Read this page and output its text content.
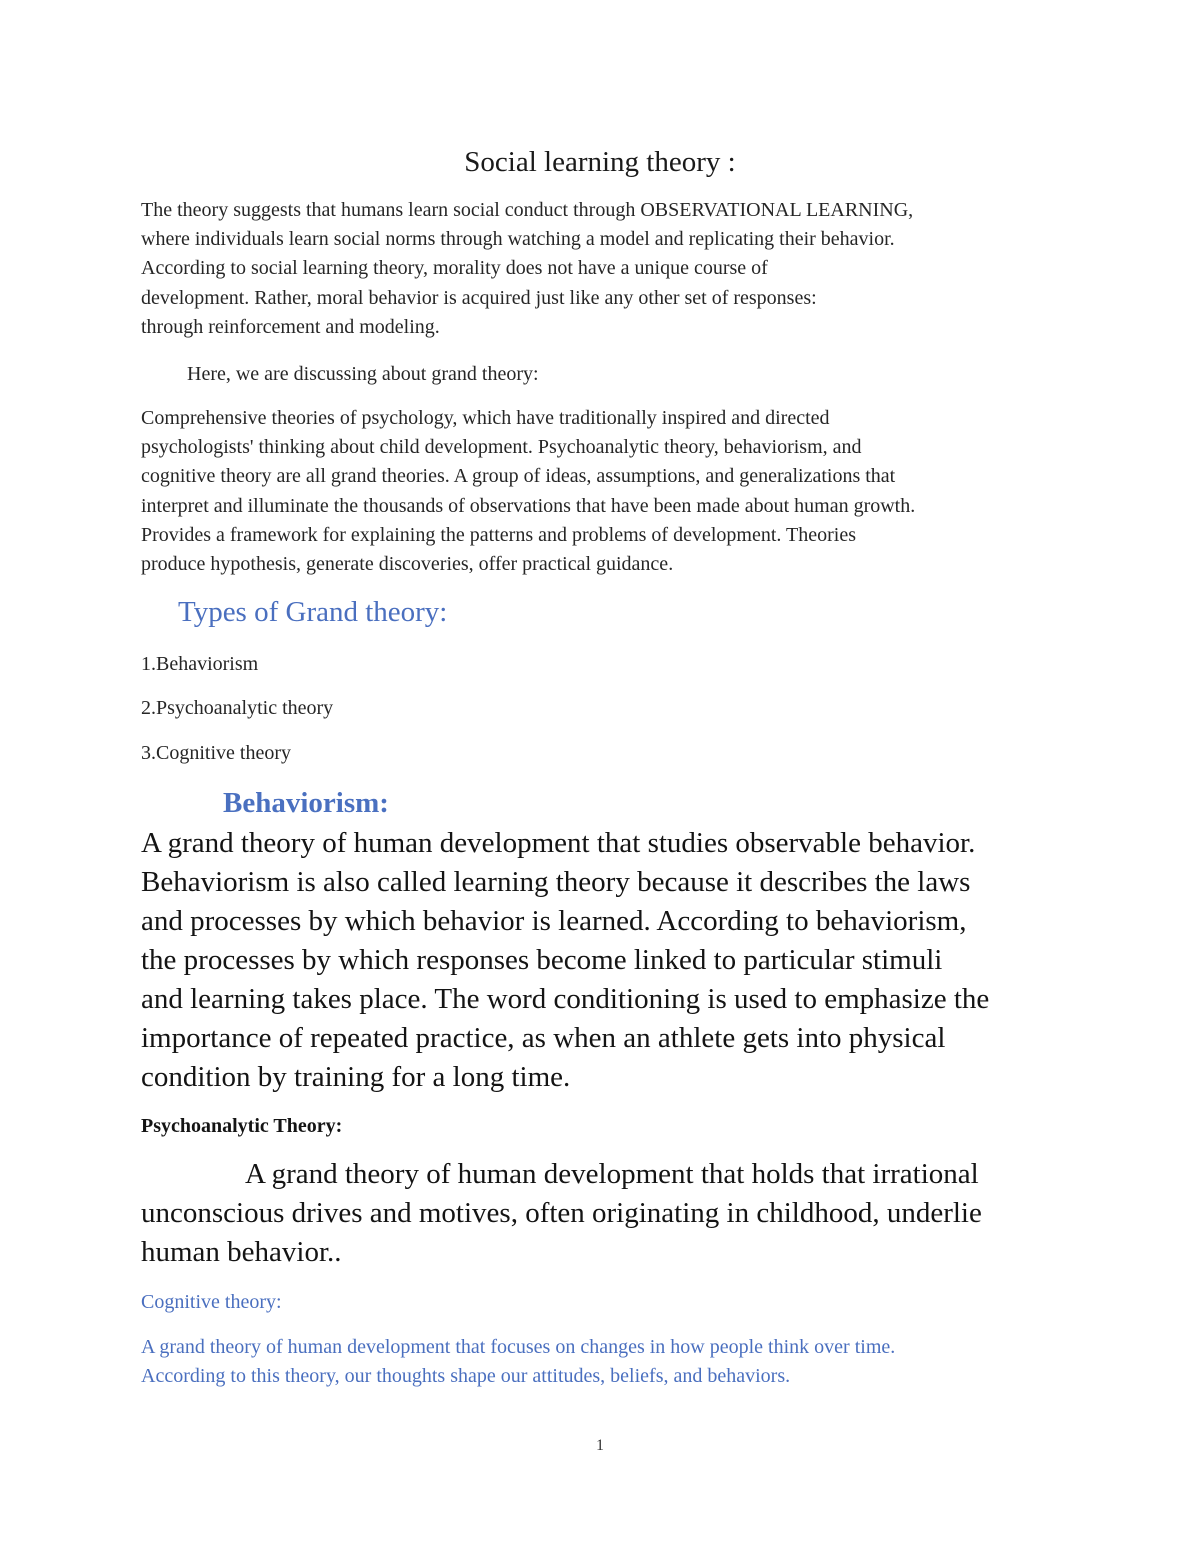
Social learning theory :
The theory suggests that humans learn social conduct through OBSERVATIONAL LEARNING,
where individuals learn social norms through watching a model and replicating their behavior.
According to social learning theory, morality does not have a unique course of
development. Rather, moral behavior is acquired just like any other set of responses:
through reinforcement and modeling.
Here, we are discussing about grand theory:
Comprehensive theories of psychology, which have traditionally inspired and directed
psychologists' thinking about child development. Psychoanalytic theory, behaviorism, and
cognitive theory are all grand theories. A group of ideas, assumptions, and generalizations that
interpret and illuminate the thousands of observations that have been made about human growth.
Provides a framework for explaining the patterns and problems of development. Theories
produce hypothesis, generate discoveries, offer practical guidance.
Types of Grand theory:
1.Behaviorism
2.Psychoanalytic theory
3.Cognitive theory
Behaviorism:
A grand theory of human development that studies observable behavior.
Behaviorism is also called learning theory because it describes the laws
and processes by which behavior is learned. According to behaviorism,
the processes by which responses become linked to particular stimuli
and learning takes place. The word conditioning is used to emphasize the
importance of repeated practice, as when an athlete gets into physical
condition by training for a long time.
Psychoanalytic Theory:
A grand theory of human development that holds that irrational
unconscious drives and motives, often originating in childhood, underlie
human behavior..
Cognitive theory:
A grand theory of human development that focuses on changes in how people think over time.
According to this theory, our thoughts shape our attitudes, beliefs, and behaviors.
1
